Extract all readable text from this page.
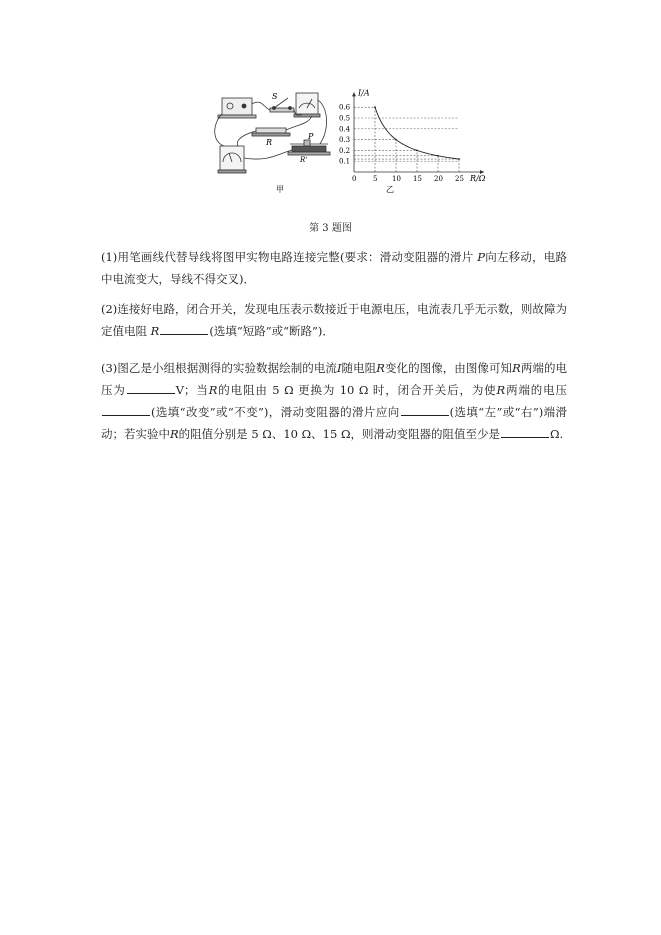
S
P
R
R'
甲
I/A
R/Ω
0.1
0.2
0.3
0.4
0.5
0.6
0 5 10 15 20 25
乙
第 3 题图
(1)用笔画线代替导线将图甲实物电路连接完整(要求：滑动变阻器的滑片 P向左移动，电路中电流变大，导线不得交叉)．
(2)连接好电路，闭合开关，发现电压表示数接近于电源电压，电流表几乎无示数，则故障为定值电阻 R	(选填“短路”或“断路”)．
(3)图乙是小组根据测得的实验数据绘制的电流I随电阻R变化的图像，由图像可知R两端的电压为	V；当R的电阻由 5 Ω 更换为 10 Ω 时，闭合开关后，为使R两端的电压(选填“改变”或“不变”)，滑动变阻器的滑片应向	(选填“左”或“右”)端滑动；若实验中R的阻值分别是 5 Ω、10 Ω、15 Ω，则滑动变阻器的阻值至少是	Ω.
